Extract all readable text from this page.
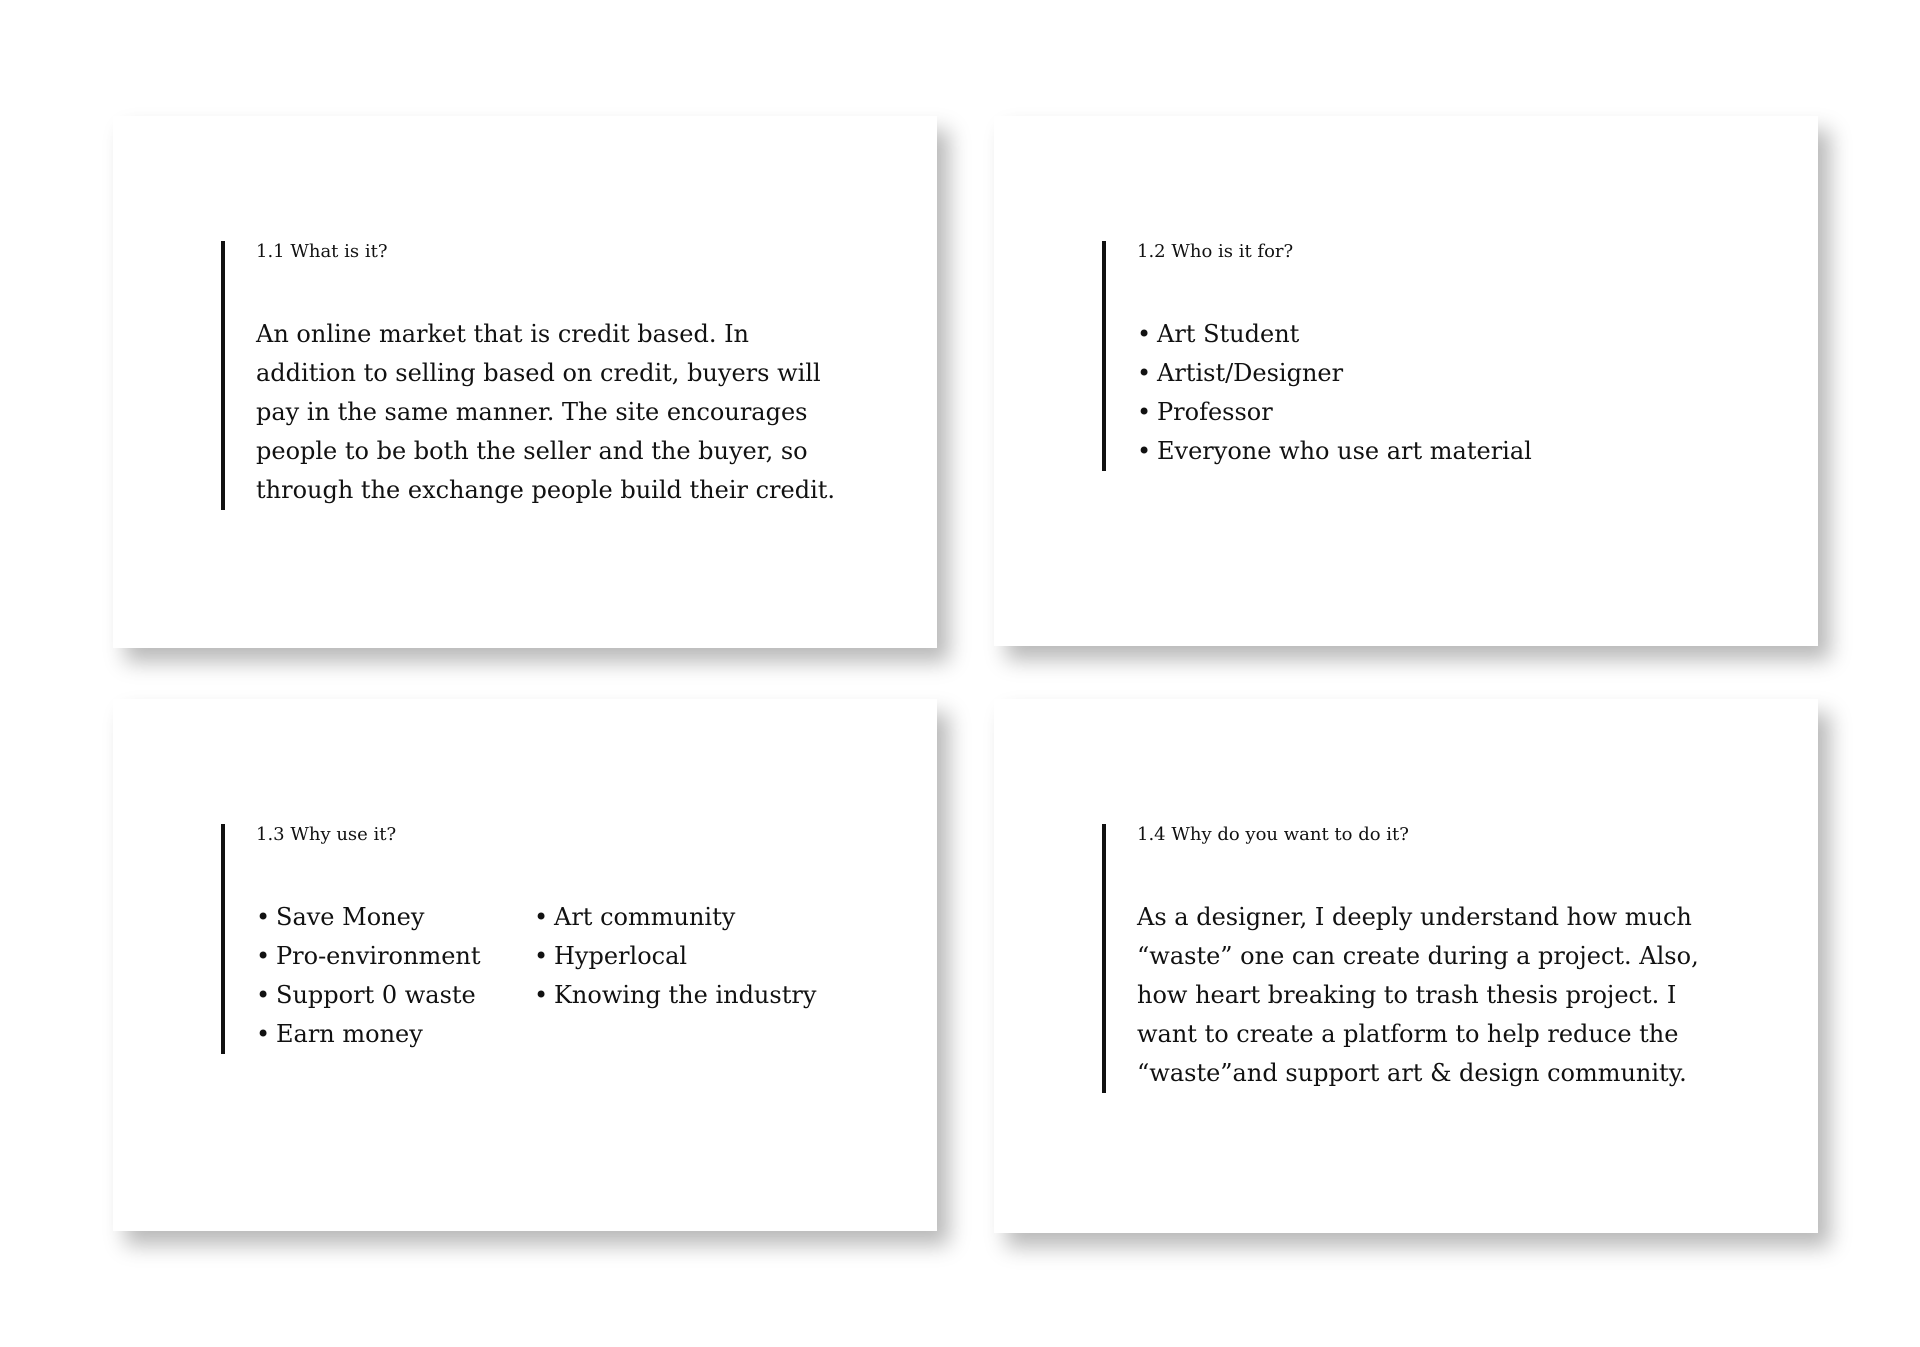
1.1 What is it?

An online market that is credit based. In addition to selling based on credit, buyers will pay in the same manner. The site encourages people to be both the seller and the buyer, so through the exchange people build their credit.

1.2 Who is it for?
• Art Student
• Artist/Designer
• Professor
• Everyone who use art material
1.3 Why use it?
• Save Money
• Pro-environment
• Support 0 waste
• Earn money
• Art community
• Hyperlocal
• Knowing the industry
1.4 Why do you want to do it?

As a designer, I deeply understand how much “waste” one can create during a project. Also, how heart breaking to trash thesis project. I want to create a platform to help reduce the “waste”and support art & design community.
